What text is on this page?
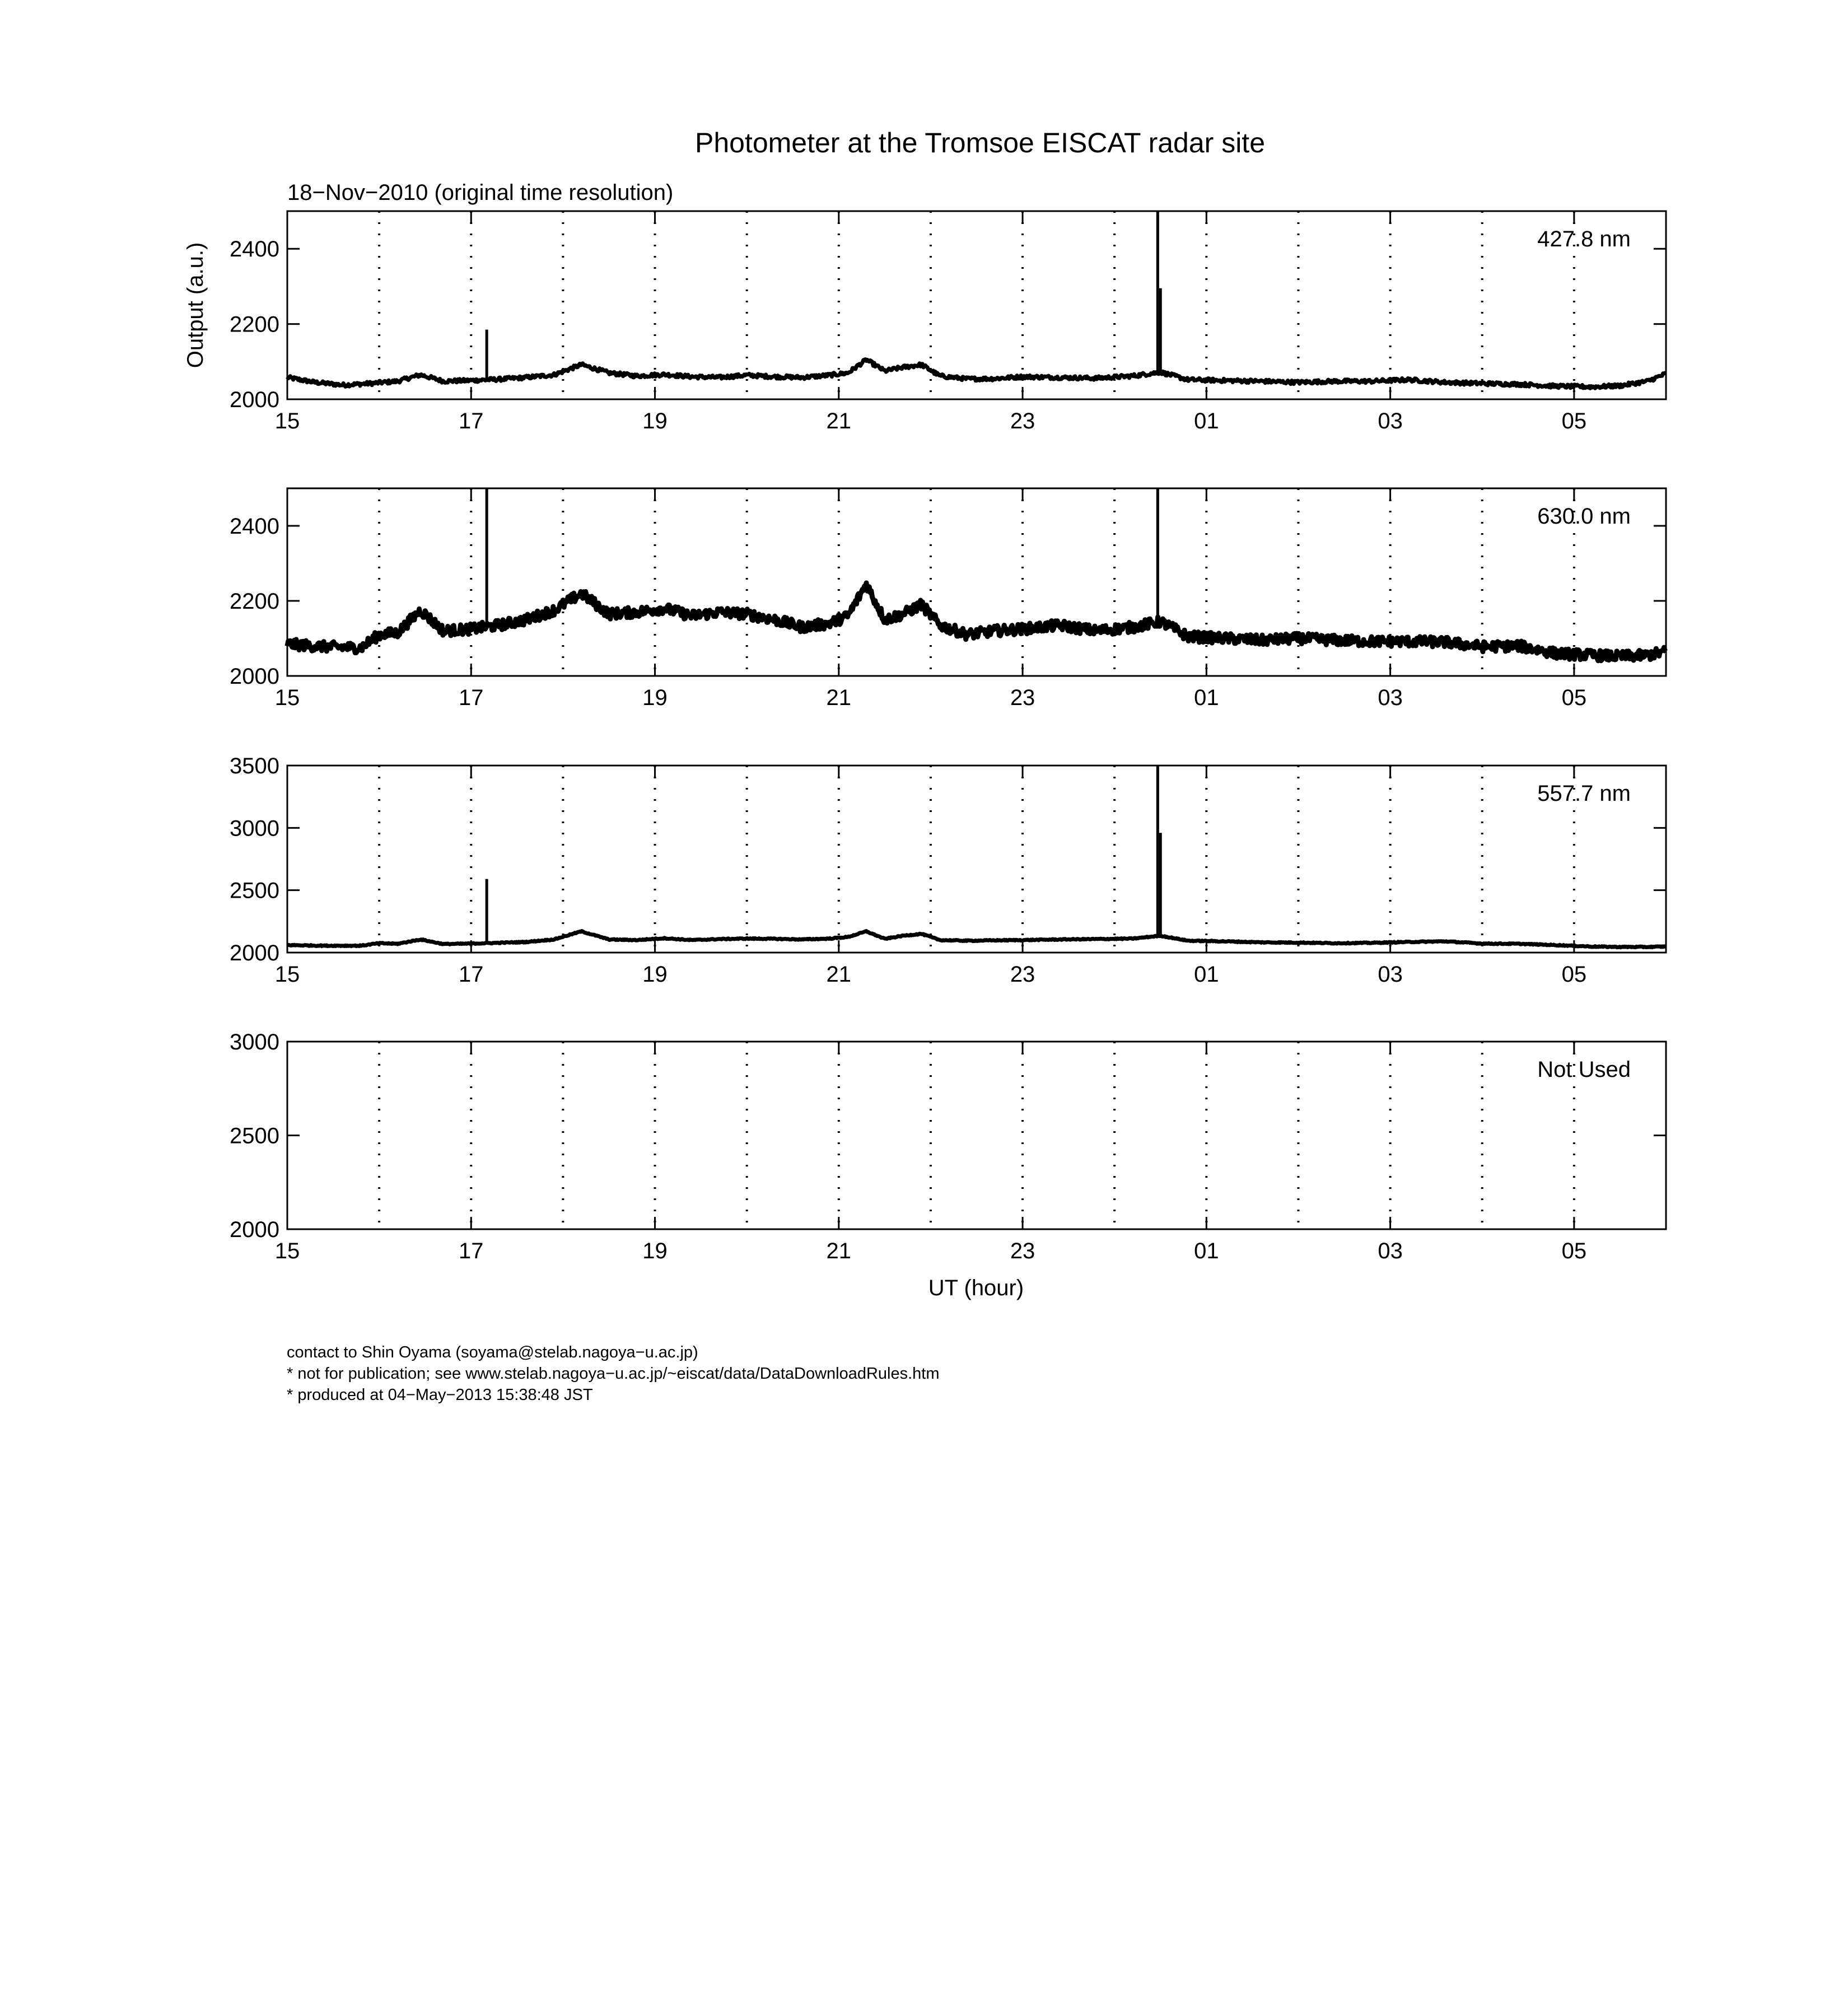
Photometer at the Tromsoe EISCAT radar site
18−Nov−2010 (original time resolution)
Output (a.u.)
UT (hour)
2000
2200
2400
15	17	19	21	23	01	03	05
427.8 nm
2000
2200
2400
15	17	19	21	23	01	03	05
630.0 nm
2000
2500
3000
3500
15	17	19	21	23	01	03	05
557.7 nm
2000
2500
3000
15	17	19	21	23	01	03	05
Not Used
contact to Shin Oyama (soyama@stelab.nagoya−u.ac.jp)
* not for publication; see www.stelab.nagoya−u.ac.jp/~eiscat/data/DataDownloadRules.htm
* produced at 04−May−2013 15:38:48 JST
